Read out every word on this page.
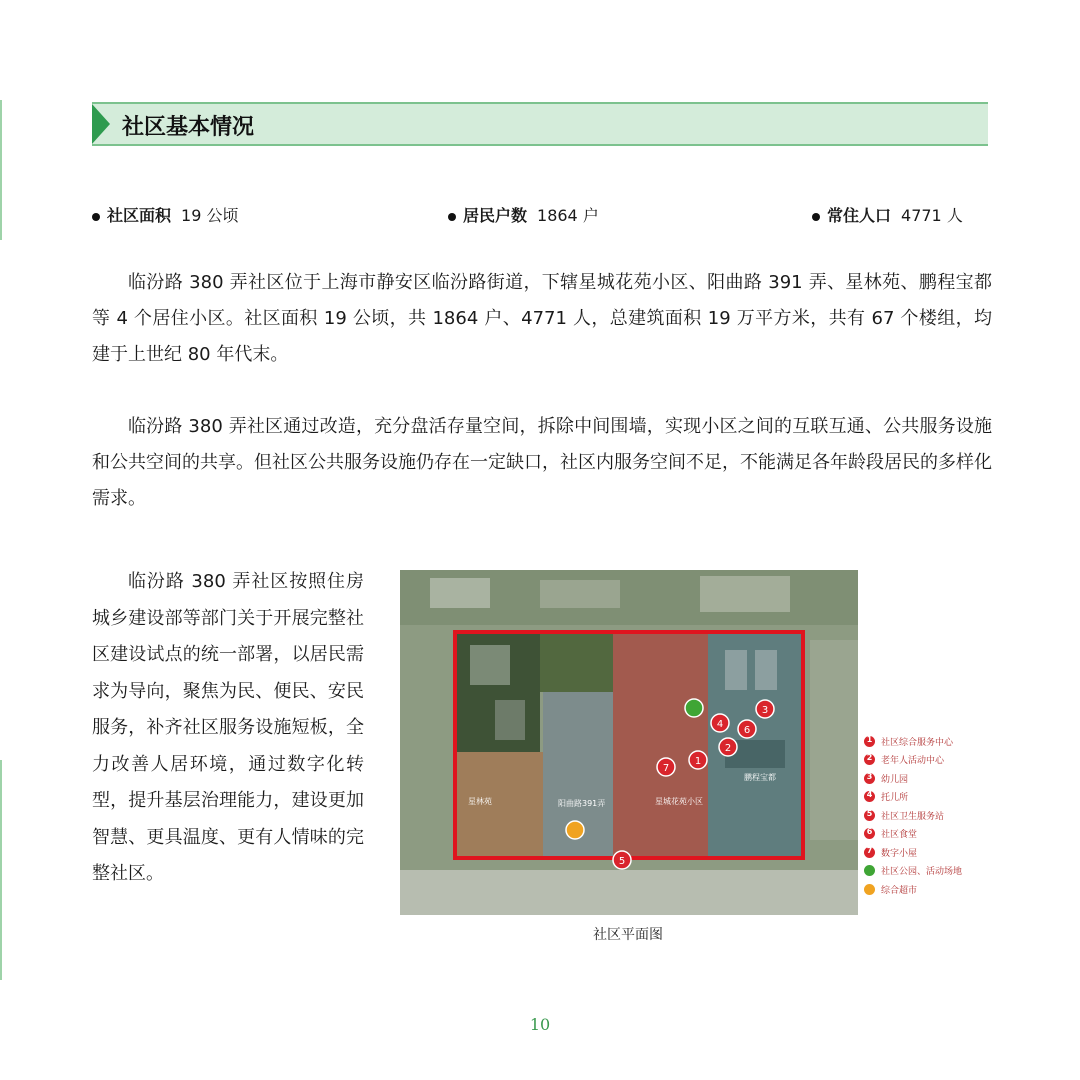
社区基本情况
社区面积 19 公顷	居民户数 1864 户	常住人口 4771 人

临汾路 380 弄社区位于上海市静安区临汾路街道，下辖星城花苑小区、阳曲路 391 弄、星林苑、鹏程宝都等 4 个居住小区。社区面积 19 公顷，共 1864 户、4771 人，总建筑面积 19 万平方米，共有 67 个楼组，均建于上世纪 80 年代末。

临汾路 380 弄社区通过改造，充分盘活存量空间，拆除中间围墙，实现小区之间的互联互通、公共服务设施和公共空间的共享。但社区公共服务设施仍存在一定缺口，社区内服务空间不足，不能满足各年龄段居民的多样化需求。

临汾路 380 弄社区按照住房城乡建设部等部门关于开展完整社区建设试点的统一部署，以居民需求为导向，聚焦为民、便民、安民服务，补齐社区服务设施短板，全力改善人居环境，通过数字化转型，提升基层治理能力，建设更加智慧、更具温度、更有人情味的完整社区。

星林苑	阳曲路391弄	星城花苑小区
鹏程宝都
4
6
3
2
1
7
5
1 社区综合服务中心
2 老年人活动中心
3 幼儿园
4 托儿所
5 社区卫生服务站
6 社区食堂
7 数字小屋
社区公园、活动场地
综合超市
社区平面图
10
